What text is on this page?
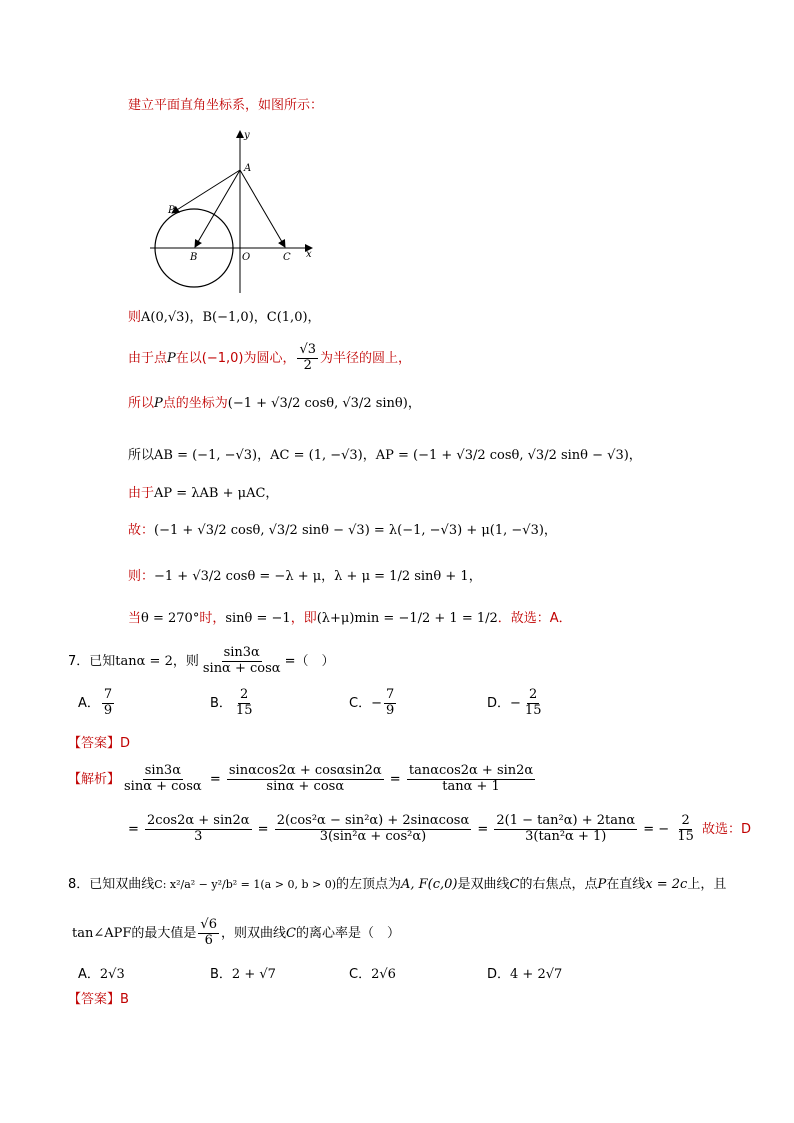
建立平面直角坐标系，如图所示：
y
x
A
P
B	O	C
则A(0,√3)，B(−1,0)，C(1,0)，
由于点P在以(−1,0)为圆心， $\frac{√3}{2}$ 为半径的圆上，
所以P点的坐标为(−1 + √3/2 cosθ, √3/2 sinθ)，
所以AB = (−1, −√3)，AC = (1, −√3)，AP = (−1 + √3/2 cosθ, √3/2 sinθ − √3)，
由于AP = λAB + μAC，
故：(−1 + √3/2 cosθ, √3/2 sinθ − √3) = λ(−1, −√3) + μ(1, −√3)，
则：−1 + √3/2 cosθ = −λ + μ，λ + μ = 1/2 sinθ + 1，
当θ = 270°时，sinθ = −1，即(λ+μ)min = −1/2 + 1 = 1/2．故选：A．
7．已知tanα = 2，则 $\frac{\sin 3\alpha}{\sin\alpha + \cos\alpha}$ =（　）
A． $\frac{7}{9}$	B． $\frac{2}{15}$	C．− $\frac{7}{9}$	D．− $\frac{2}{15}$
【答案】D
【解析】 $\frac{\sin 3\alpha}{\sin\alpha + \cos\alpha} = \frac{\sin\alpha\cos 2\alpha + \cos\alpha\sin 2\alpha}{\sin\alpha + \cos\alpha} = \frac{\tan\alpha\cos 2\alpha + \sin 2\alpha}{\tan\alpha + 1}$
= $\frac{2\cos 2\alpha + \sin 2\alpha}{3} = \frac{\text{2(cos²α − sin²α) + 2sinαcosα}}{\text{3(sin²α + cos²α)}} = \frac{\text{2(1 − tan²α) + 2tanα}}{\text{3(tan²α + 1)}}$ = − $\frac{2}{15}$ 故选：D
8．已知双曲线C: x²/a² − y²/b² = 1(a > 0, b > 0)的左顶点为A, F(c,0)是双曲线C的右焦点，点P在直线x = 2c上，且
tan∠APF的最大值是 $\frac{√6}{6}$ ，则双曲线C的离心率是（　）
A．2√3	B．2 + √7	C．2√6	D．4 + 2√7
【答案】B
